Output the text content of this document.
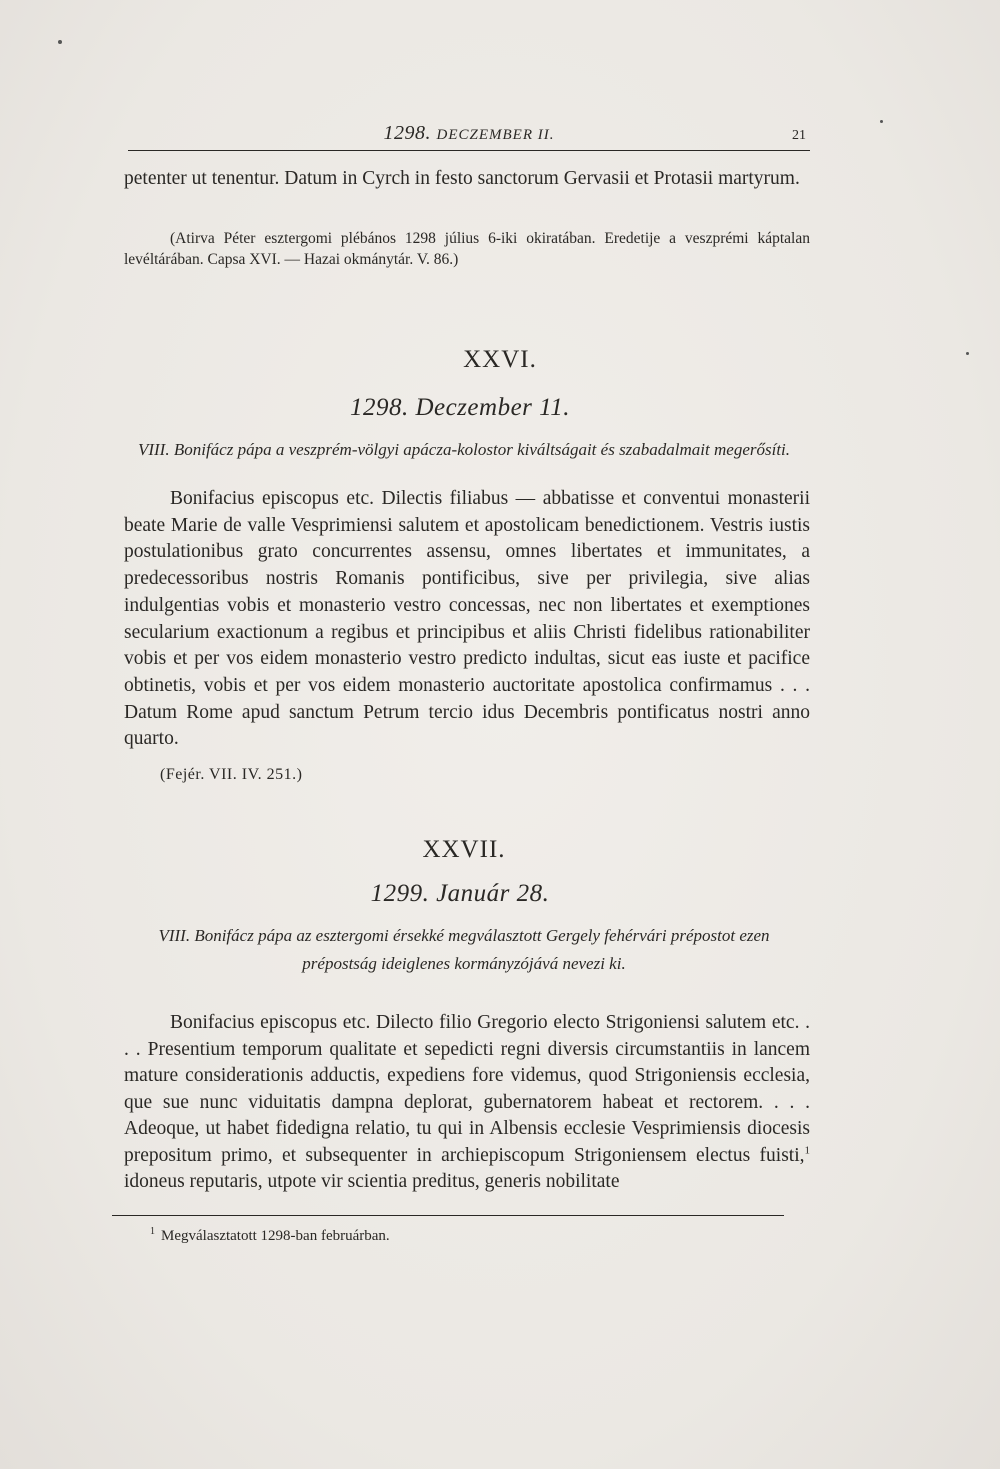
1298. DECZEMBER II.	21
petenter ut tenentur. Datum in Cyrch in festo sanctorum Gervasii et Protasii martyrum.
(Atirva Péter esztergomi plébános 1298 július 6-iki okiratában. Eredetije a veszprémi káptalan levéltárában. Capsa XVI. — Hazai okmánytár. V. 86.)
XXVI.
1298. Deczember 11.
VIII. Bonifácz pápa a veszprém-völgyi apácza-kolostor kiváltságait és szabadalmait megerősíti.
Bonifacius episcopus etc. Dilectis filiabus — abbatisse et conventui monasterii beate Marie de valle Vesprimiensi salutem et apostolicam benedictionem. Vestris iustis postulationibus grato concurrentes assensu, omnes libertates et immunitates, a predecessoribus nostris Romanis pontificibus, sive per privilegia, sive alias indulgentias vobis et monasterio vestro concessas, nec non libertates et exemptiones secularium exactionum a regibus et principibus et aliis Christi fidelibus rationabiliter vobis et per vos eidem monasterio vestro predicto indultas, sicut eas iuste et pacifice obtinetis, vobis et per vos eidem monasterio auctoritate apostolica confirmamus . . . Datum Rome apud sanctum Petrum tercio idus Decembris pontificatus nostri anno quarto.
(Fejér. VII. IV. 251.)
XXVII.
1299. Január 28.
VIII. Bonifácz pápa az esztergomi érsekké megválasztott Gergely fehérvári prépostot ezen
prépostság ideiglenes kormányzójává nevezi ki.
Bonifacius episcopus etc. Dilecto filio Gregorio electo Strigoniensi salutem etc. . . . Presentium temporum qualitate et sepedicti regni diversis circumstantiis in lancem mature considerationis adductis, expediens fore videmus, quod Strigoniensis ecclesia, que sue nunc viduitatis dampna deplorat, gubernatorem habeat et rectorem. . . . Adeoque, ut habet fidedigna relatio, tu qui in Albensis ecclesie Vesprimiensis diocesis prepositum primo, et subsequenter in archiepiscopum Strigoniensem electus fuisti,$^1$ idoneus reputaris, utpote vir scientia preditus, generis nobilitate
$^1$ Megválasztatott 1298-ban februárban.
